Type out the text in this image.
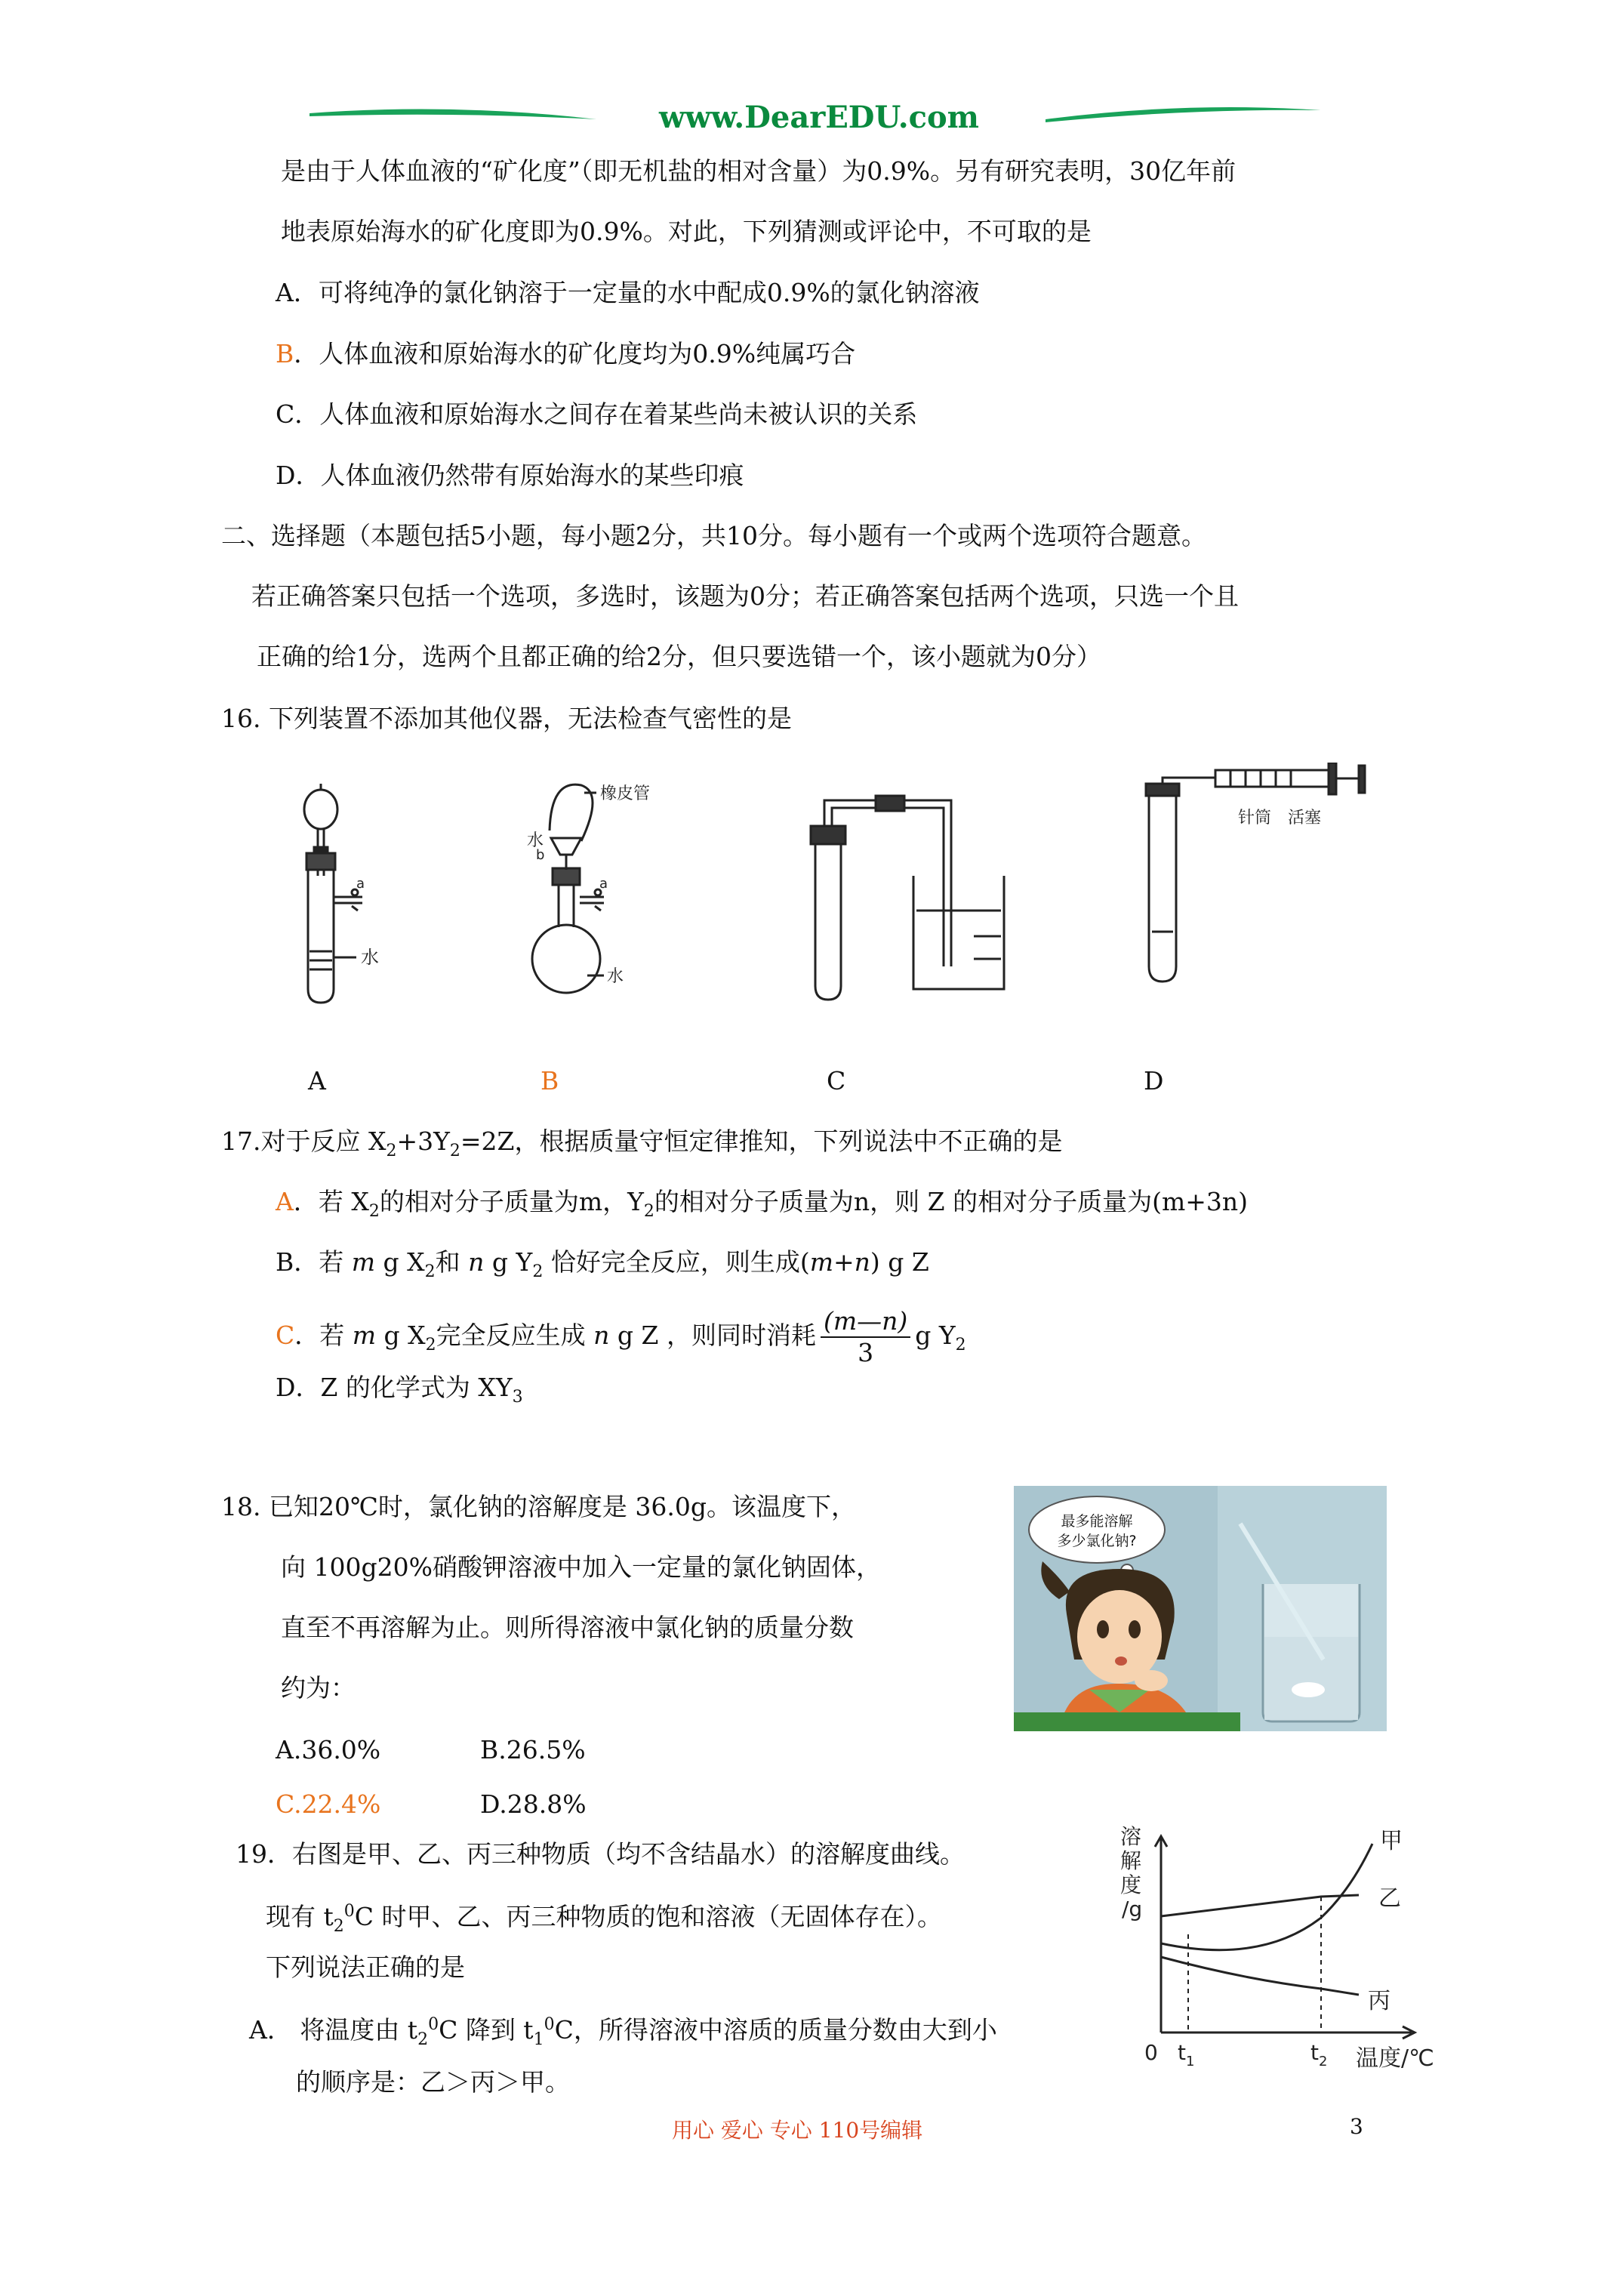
www.DearEDU.com
是由于人体血液的“矿化度”（即无机盐的相对含量）为0.9%。另有研究表明，30亿年前
地表原始海水的矿化度即为0.9%。对此，下列猜测或评论中，不可取的是
A．可将纯净的氯化钠溶于一定量的水中配成0.9%的氯化钠溶液
B．人体血液和原始海水的矿化度均为0.9%纯属巧合
C．人体血液和原始海水之间存在着某些尚未被认识的关系
D．人体血液仍然带有原始海水的某些印痕
二、选择题（本题包括5小题，每小题2分，共10分。每小题有一个或两个选项符合题意。
若正确答案只包括一个选项，多选时，该题为0分；若正确答案包括两个选项，只选一个且
正确的给1分，选两个且都正确的给2分，但只要选错一个，该小题就为0分）
16. 下列装置不添加其他仪器，无法检查气密性的是
a
水
橡皮管
水
b
a
水
针筒 活塞
A	B	C	D
17.对于反应 $X_2+3Y_2=2Z$，根据质量守恒定律推知，下列说法中不正确的是
A．若 $X_2$的相对分子质量为m，$Y_2$的相对分子质量为n，则 Z 的相对分子质量为(m+3n)
B．若 m g $X_2$和 n g $Y_2$ 恰好完全反应，则生成(m+n) g Z
C．若 m g $X_2$完全反应生成 n g Z ，则同时消耗 $\frac{(m—n)}{3}$ g $Y_2$
D．Z 的化学式为 $XY_3$
18. 已知20℃时，氯化钠的溶解度是 36.0g。该温度下，
向 100g20%硝酸钾溶液中加入一定量的氯化钠固体，
直至不再溶解为止。则所得溶液中氯化钠的质量分数
约为：
A.36.0%	B.26.5%
C.22.4%	D.28.8%
最多能溶解
多少氯化钠?
19．右图是甲、乙、丙三种物质（均不含结晶水）的溶解度曲线。
现有 $t_2^0C$ 时甲、乙、丙三种物质的饱和溶液（无固体存在）。
下列说法正确的是
A． 将温度由 $t_2^0C$ 降到 $t_1^0C$，所得溶液中溶质的质量分数由大到小
的顺序是：乙＞丙＞甲。
溶
解
度
/g
甲
乙
丙
0 $t_1$	$t_2$ 温度/℃
用心 爱心 专心 110号编辑	3
